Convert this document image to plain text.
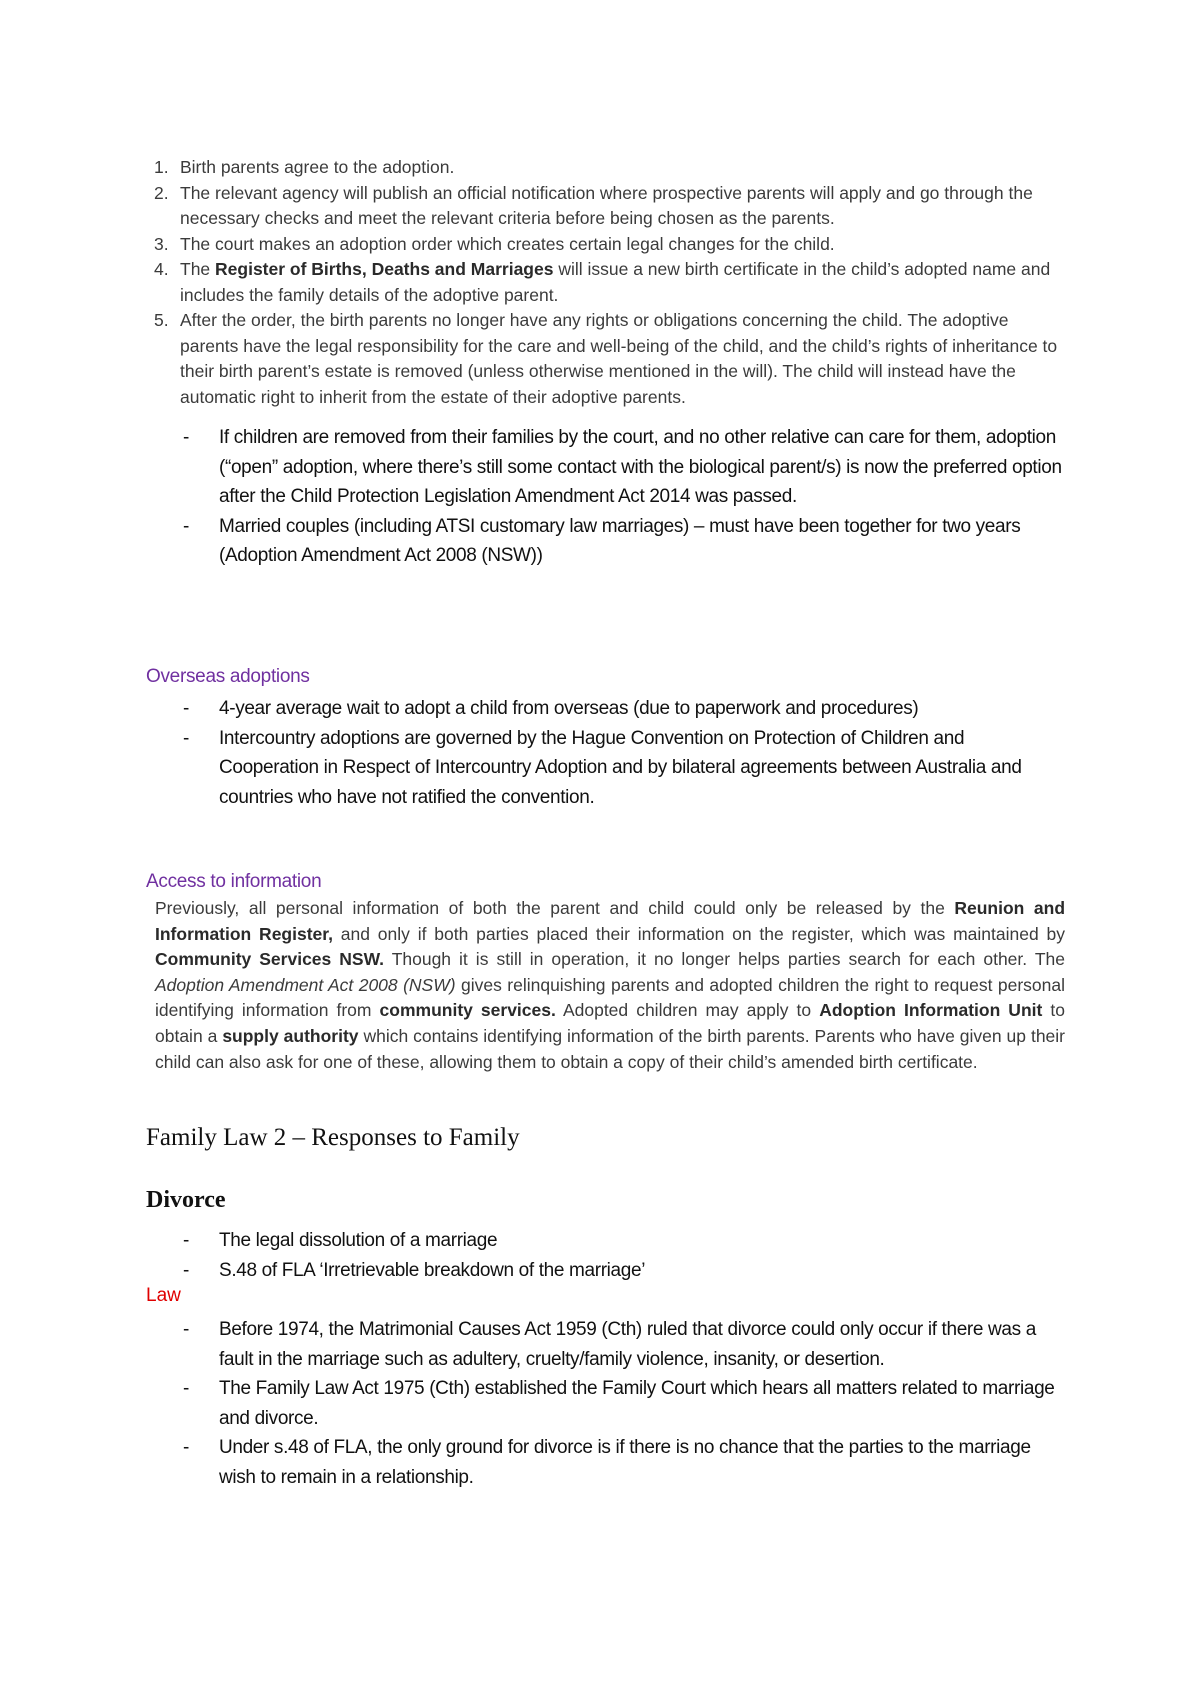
1. Birth parents agree to the adoption.
2. The relevant agency will publish an official notification where prospective parents will apply and go through the necessary checks and meet the relevant criteria before being chosen as the parents.
3. The court makes an adoption order which creates certain legal changes for the child.
4. The Register of Births, Deaths and Marriages will issue a new birth certificate in the child’s adopted name and includes the family details of the adoptive parent.
5. After the order, the birth parents no longer have any rights or obligations concerning the child. The adoptive parents have the legal responsibility for the care and well-being of the child, and the child’s rights of inheritance to their birth parent’s estate is removed (unless otherwise mentioned in the will). The child will instead have the automatic right to inherit from the estate of their adoptive parents.
- If children are removed from their families by the court, and no other relative can care for them, adoption (“open” adoption, where there’s still some contact with the biological parent/s) is now the preferred option after the Child Protection Legislation Amendment Act 2014 was passed.
- Married couples (including ATSI customary law marriages) – must have been together for two years (Adoption Amendment Act 2008 (NSW))
Overseas adoptions
- 4-year average wait to adopt a child from overseas (due to paperwork and procedures)
- Intercountry adoptions are governed by the Hague Convention on Protection of Children and Cooperation in Respect of Intercountry Adoption and by bilateral agreements between Australia and countries who have not ratified the convention.
Access to information

Previously, all personal information of both the parent and child could only be released by the Reunion and Information Register, and only if both parties placed their information on the register, which was maintained by Community Services NSW. Though it is still in operation, it no longer helps parties search for each other. The Adoption Amendment Act 2008 (NSW) gives relinquishing parents and adopted children the right to request personal identifying information from community services. Adopted children may apply to Adoption Information Unit to obtain a supply authority which contains identifying information of the birth parents. Parents who have given up their child can also ask for one of these, allowing them to obtain a copy of their child’s amended birth certificate.

Family Law 2 – Responses to Family
Divorce
- The legal dissolution of a marriage
- S.48 of FLA ‘Irretrievable breakdown of the marriage’
Law
- Before 1974, the Matrimonial Causes Act 1959 (Cth) ruled that divorce could only occur if there was a fault in the marriage such as adultery, cruelty/family violence, insanity, or desertion.
- The Family Law Act 1975 (Cth) established the Family Court which hears all matters related to marriage and divorce.
- Under s.48 of FLA, the only ground for divorce is if there is no chance that the parties to the marriage wish to remain in a relationship.
